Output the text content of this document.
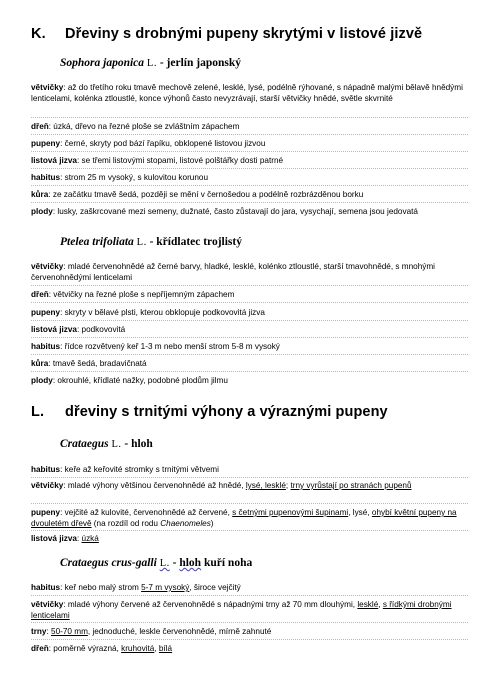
K. Dřeviny s drobnými pupeny skrytými v listové jizvě
Sophora japonica L. - jerlín japonský
větvičky: až do třetího roku tmavě mechově zelené, lesklé, lysé, podélně rýhované, s nápadně malými bělavě hnědými lenticelami, kolénka ztloustlé, konce výhonů často nevyzrávají, starší větvičky hnědé, světle skvrnité
dřeň: úzká, dřevo na řezné ploše se zvláštním zápachem
pupeny: černé, skryty pod bází řapíku, obklopené listovou jizvou
listová jizva: se třemi listovými stopami, listové polštářky dosti patrné
habitus: strom 25 m vysoký, s kulovitou korunou
kůra: ze začátku tmavě šedá, později se mění v černošedou a podélně rozbrázděnou borku
plody: lusky, zaškrcované mezi semeny, dužnaté, často zůstavají do jara, vysychají, semena jsou jedovatá
Ptelea trifoliata L. - křídlatec trojlistý
větvičky: mladé červenohnědé až černé barvy, hladké, lesklé, kolénko ztloustlé, starší tmavohnědé, s mnohými červenohnědými lenticelami
dřeň: větvičky na řezné ploše s nepříjemným zápachem
pupeny: skryty v bělavé plsti, kterou obklopuje podkovovitá jizva
listová jizva: podkovovitá
habitus: řídce rozvětvený keř 1-3 m nebo menší strom 5-8 m vysoký
kůra: tmavě šedá, bradavičnatá
plody: okrouhlé, křídlaté nažky, podobné plodům jilmu
L. dřeviny s trnitými výhony a výraznými pupeny
Crataegus L. - hloh
habitus: keře až keřovité stromky s trnitými větvemi
větvičky: mladé výhony většinou červenohnědé až hnědé, lysé, lesklé; trny vyrůstají po stranách pupenů
pupeny: vejčité až kulovité, červenohnědé až červené, s četnými pupenovými šupinami, lysé, ohybí květní pupeny na dvouletém dřevě (na rozdíl od rodu Chaenomeles)
listová jizva: úzká
Crataegus crus-galli L. - hloh kuří noha
habitus: keř nebo malý strom 5-7 m vysoký, široce vejčitý
větvičky: mladé výhony červené až červenohnědé s nápadnými trny až 70 mm dlouhými, lesklé, s řídkými drobnými lenticelami
trny: 50-70 mm, jednoduché, leskle červenohnědé, mírně zahnuté
dřeň: poměrně výrazná, kruhovitá, bílá
